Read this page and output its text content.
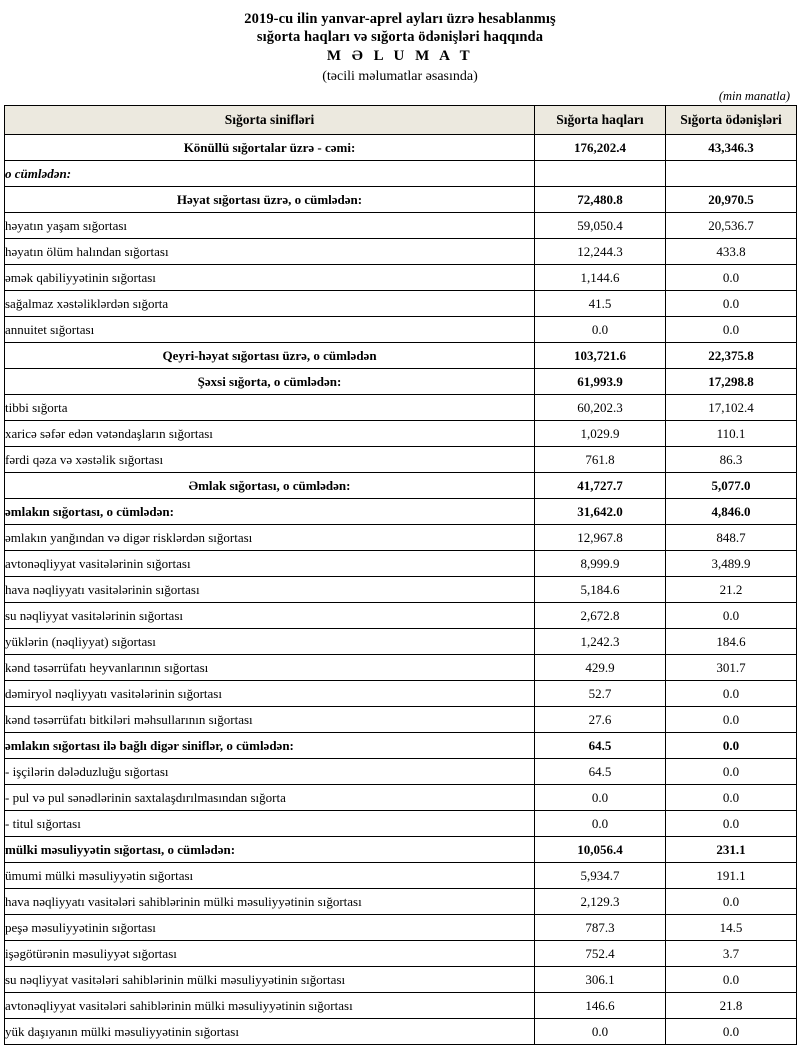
2019-cu ilin yanvar-aprel ayları üzrə hesablanmış
sığorta haqları və sığorta ödənişləri haqqında
M Ə L U M A T
(təcili məlumatlar əsasında)
(min manatla)
Sığorta sinifləri	Sığorta haqları	Sığorta ödənişləri
Könüllü sığortalar üzrə - cəmi:	176,202.4	43,346.3
o cümlədən:		
Həyat sığortası üzrə, o cümlədən:	72,480.8	20,970.5
həyatın yaşam sığortası	59,050.4	20,536.7
həyatın ölüm halından sığortası	12,244.3	433.8
əmək qabiliyyətinin sığortası	1,144.6	0.0
sağalmaz xəstəliklərdən sığorta	41.5	0.0
annuitet sığortası	0.0	0.0
Qeyri-həyat sığortası üzrə, o cümlədən	103,721.6	22,375.8
Şəxsi sığorta, o cümlədən:	61,993.9	17,298.8
tibbi sığorta	60,202.3	17,102.4
xaricə səfər edən vətəndaşların sığortası	1,029.9	110.1
fərdi qəza və xəstəlik sığortası	761.8	86.3
Əmlak sığortası, o cümlədən:	41,727.7	5,077.0
əmlakın sığortası, o cümlədən:	31,642.0	4,846.0
əmlakın yanğından və digər risklərdən sığortası	12,967.8	848.7
avtonəqliyyat vasitələrinin sığortası	8,999.9	3,489.9
hava nəqliyyatı vasitələrinin sığortası	5,184.6	21.2
su nəqliyyat vasitələrinin sığortası	2,672.8	0.0
yüklərin (nəqliyyat) sığortası	1,242.3	184.6
kənd təsərrüfatı heyvanlarının sığortası	429.9	301.7
dəmiryol nəqliyyatı vasitələrinin sığortası	52.7	0.0
kənd təsərrüfatı bitkiləri məhsullarının sığortası	27.6	0.0
əmlakın sığortası ilə bağlı digər siniflər, o cümlədən:	64.5	0.0
- işçilərin dələduzluğu sığortası	64.5	0.0
- pul və pul sənədlərinin saxtalaşdırılmasından sığorta	0.0	0.0
- titul sığortası	0.0	0.0
mülki məsuliyyətin sığortası, o cümlədən:	10,056.4	231.1
ümumi mülki məsuliyyətin sığortası	5,934.7	191.1
hava nəqliyyatı vasitələri sahiblərinin mülki məsuliyyətinin sığortası	2,129.3	0.0
peşə məsuliyyətinin sığortası	787.3	14.5
işəgötürənin məsuliyyət sığortası	752.4	3.7
su nəqliyyat vasitələri sahiblərinin mülki məsuliyyətinin sığortası	306.1	0.0
avtonəqliyyat vasitələri sahiblərinin mülki məsuliyyətinin sığortası	146.6	21.8
yük daşıyanın mülki məsuliyyətinin sığortası	0.0	0.0
